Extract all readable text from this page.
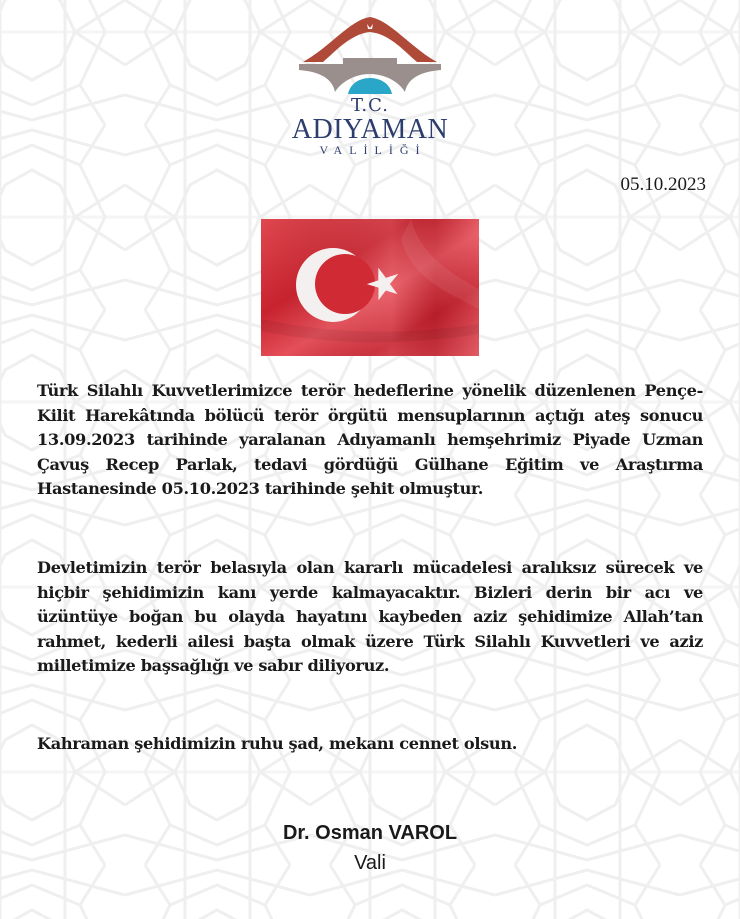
T.C.
ADIYAMAN
VALİLİĞİ
05.10.2023

Türk Silahlı Kuvvetlerimizce terör hedeflerine yönelik düzenlenen Pençe-Kilit Harekâtında bölücü terör örgütü mensuplarının açtığı ateş sonucu 13.09.2023 tarihinde yaralanan Adıyamanlı hemşehrimiz Piyade Uzman Çavuş Recep Parlak, tedavi gördüğü Gülhane Eğitim ve Araştırma Hastanesinde 05.10.2023 tarihinde şehit olmuştur.

Devletimizin terör belasıyla olan kararlı mücadelesi aralıksız sürecek ve hiçbir şehidimizin kanı yerde kalmayacaktır. Bizleri derin bir acı ve üzüntüye boğan bu olayda hayatını kaybeden aziz şehidimize Allah’tan rahmet, kederli ailesi başta olmak üzere Türk Silahlı Kuvvetleri ve aziz milletimize başsağlığı ve sabır diliyoruz.

Kahraman şehidimizin ruhu şad, mekanı cennet olsun.

Dr. Osman VAROL
Vali
